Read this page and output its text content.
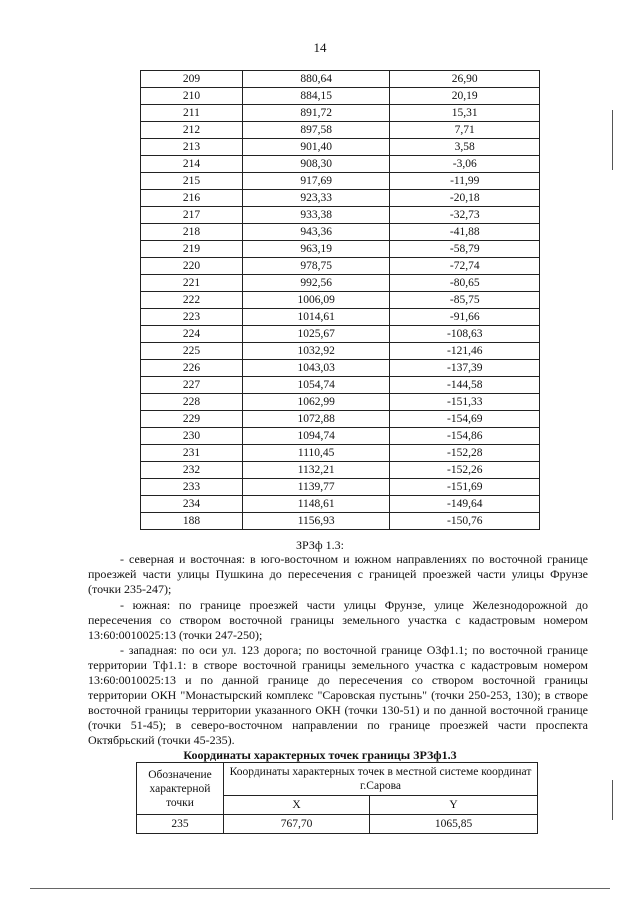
14
209	880,64	26,90
210	884,15	20,19
211	891,72	15,31
212	897,58	7,71
213	901,40	3,58
214	908,30	-3,06
215	917,69	-11,99
216	923,33	-20,18
217	933,38	-32,73
218	943,36	-41,88
219	963,19	-58,79
220	978,75	-72,74
221	992,56	-80,65
222	1006,09	-85,75
223	1014,61	-91,66
224	1025,67	-108,63
225	1032,92	-121,46
226	1043,03	-137,39
227	1054,74	-144,58
228	1062,99	-151,33
229	1072,88	-154,69
230	1094,74	-154,86
231	1110,45	-152,28
232	1132,21	-152,26
233	1139,77	-151,69
234	1148,61	-149,64
188	1156,93	-150,76
ЗРЗф 1.3:

- северная и восточная: в юго-восточном и южном направлениях по восточной границе проезжей части улицы Пушкина до пересечения с границей проезжей части улицы Фрунзе (точки 235-247);

- южная: по границе проезжей части улицы Фрунзе, улице Железнодорожной до пересечения со створом восточной границы земельного участка с кадастровым номером 13:60:0010025:13 (точки 247-250);

- западная: по оси ул. 123 дорога; по восточной границе ОЗф1.1; по восточной границе территории Тф1.1: в створе восточной границы земельного участка с кадастровым номером 13:60:0010025:13 и по данной границе до пересечения со створом восточной границы территории ОКН "Монастырский комплекс "Саровская пустынь" (точки 250-253, 130); в створе восточной границы территории указанного ОКН (точки 130-51) и по данной восточной границе (точки 51-45); в северо-восточном направлении по границе проезжей части проспекта Октябрьский (точки 45-235).

Координаты характерных точек границы ЗРЗф1.3
Обозначение характерной точки	Координаты характерных точек в местной системе координат г.Сарова	
	X	Y
235	767,70	1065,85
